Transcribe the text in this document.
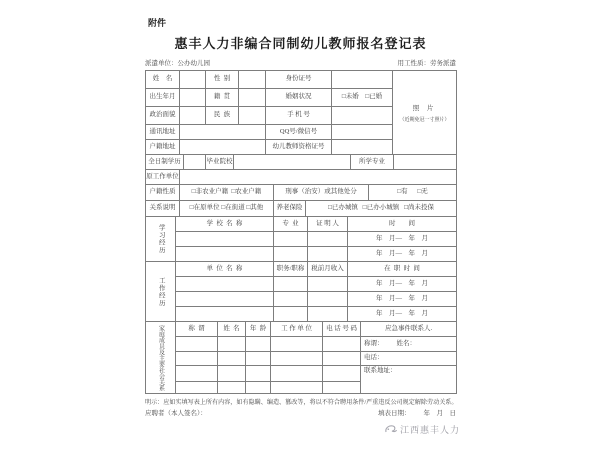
附件
惠丰人力非编合同制幼儿教师报名登记表
派遣单位：公办幼儿园	用工性质：劳务派遣
照 片
（近期免冠一寸照片）
姓    名	性  别	身份证号
出生年月	籍  贯	婚姻状况	□未婚    □已婚
政治面貌	民  族	手 机 号
通讯地址	QQ号/微信号
户籍地址	幼儿教师资格证号
全日制学历	毕业院校	所学专业
原工作单位
户籍性质	□非农业户籍  □农业户籍	刑事（治安）或其他处分	□有      □无
关系说明	□在原单位 □在街道 □其他	养老保险	□已办城镇   □已办小城镇   □尚未投保
学习经历
学  校  名  称	专  业	证 明 人	时        间
年    月—    年    月
年    月—    年    月
工作经历
单  位  名  称	职务/职称	税前月收入	在  职  时  间
年    月—    年    月
年    月—    年    月
年    月—    年    月
家庭成员及主要社会关系	称  谓	姓  名	年  龄	工 作 单 位	电 话 号 码	应急事件联系人.
称谓：        姓名：
电话：
联系地址：
明示：应如实填写表上所有内容，如有隐瞒、编造、篡改等，将以不符合聘用条件/严重违反公司规定解除劳动关系。
应聘者（本人签名）：	填表日期：        年    月    日
江西惠丰人力
